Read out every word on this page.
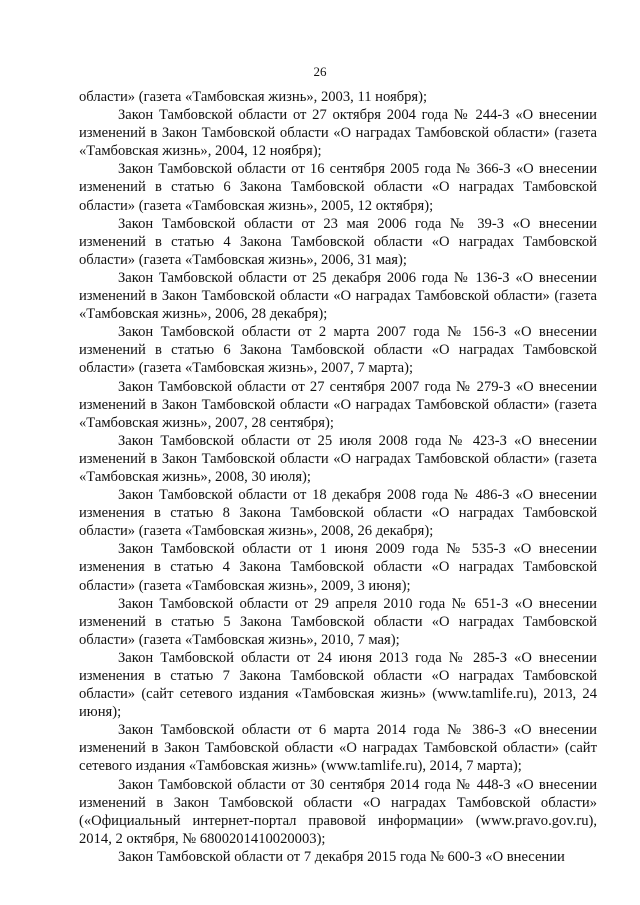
26

области» (газета «Тамбовская жизнь», 2003, 11 ноября);

Закон Тамбовской области от 27 октября 2004 года № 244-З «О внесении изменений в Закон Тамбовской области «О наградах Тамбовской области» (газета «Тамбовская жизнь», 2004, 12 ноября);

Закон Тамбовской области от 16 сентября 2005 года № 366-З «О внесении изменений в статью 6 Закона Тамбовской области «О наградах Тамбовской области» (газета «Тамбовская жизнь», 2005, 12 октября);

Закон Тамбовской области от 23 мая 2006 года № 39-З «О внесении изменений в статью 4 Закона Тамбовской области «О наградах Тамбовской области» (газета «Тамбовская жизнь», 2006, 31 мая);

Закон Тамбовской области от 25 декабря 2006 года № 136-З «О внесении изменений в Закон Тамбовской области «О наградах Тамбовской области» (газета «Тамбовская жизнь», 2006, 28 декабря);

Закон Тамбовской области от 2 марта 2007 года № 156-З «О внесении изменений в статью 6 Закона Тамбовской области «О наградах Тамбовской области» (газета «Тамбовская жизнь», 2007, 7 марта);

Закон Тамбовской области от 27 сентября 2007 года № 279-З «О внесении изменений в Закон Тамбовской области «О наградах Тамбовской области» (газета «Тамбовская жизнь», 2007, 28 сентября);

Закон Тамбовской области от 25 июля 2008 года № 423-З «О внесении изменений в Закон Тамбовской области «О наградах Тамбовской области» (газета «Тамбовская жизнь», 2008, 30 июля);

Закон Тамбовской области от 18 декабря 2008 года № 486-З «О внесении изменения в статью 8 Закона Тамбовской области «О наградах Тамбовской области» (газета «Тамбовская жизнь», 2008, 26 декабря);

Закон Тамбовской области от 1 июня 2009 года № 535-З «О внесении изменения в статью 4 Закона Тамбовской области «О наградах Тамбовской области» (газета «Тамбовская жизнь», 2009, 3 июня);

Закон Тамбовской области от 29 апреля 2010 года № 651-З «О внесении изменений в статью 5 Закона Тамбовской области «О наградах Тамбовской области» (газета «Тамбовская жизнь», 2010, 7 мая);

Закон Тамбовской области от 24 июня 2013 года № 285-З «О внесении изменения в статью 7 Закона Тамбовской области «О наградах Тамбовской области» (сайт сетевого издания «Тамбовская жизнь» (www.tamlife.ru), 2013, 24 июня);

Закон Тамбовской области от 6 марта 2014 года № 386-З «О внесении изменений в Закон Тамбовской области «О наградах Тамбовской области» (сайт сетевого издания «Тамбовская жизнь» (www.tamlife.ru), 2014, 7 марта);

Закон Тамбовской области от 30 сентября 2014 года № 448-З «О внесении изменений в Закон Тамбовской области «О наградах Тамбовской области» («Официальный интернет-портал правовой информации» (www.pravo.gov.ru), 2014, 2 октября, № 6800201410020003);

Закон Тамбовской области от 7 декабря 2015 года № 600-З «О внесении
